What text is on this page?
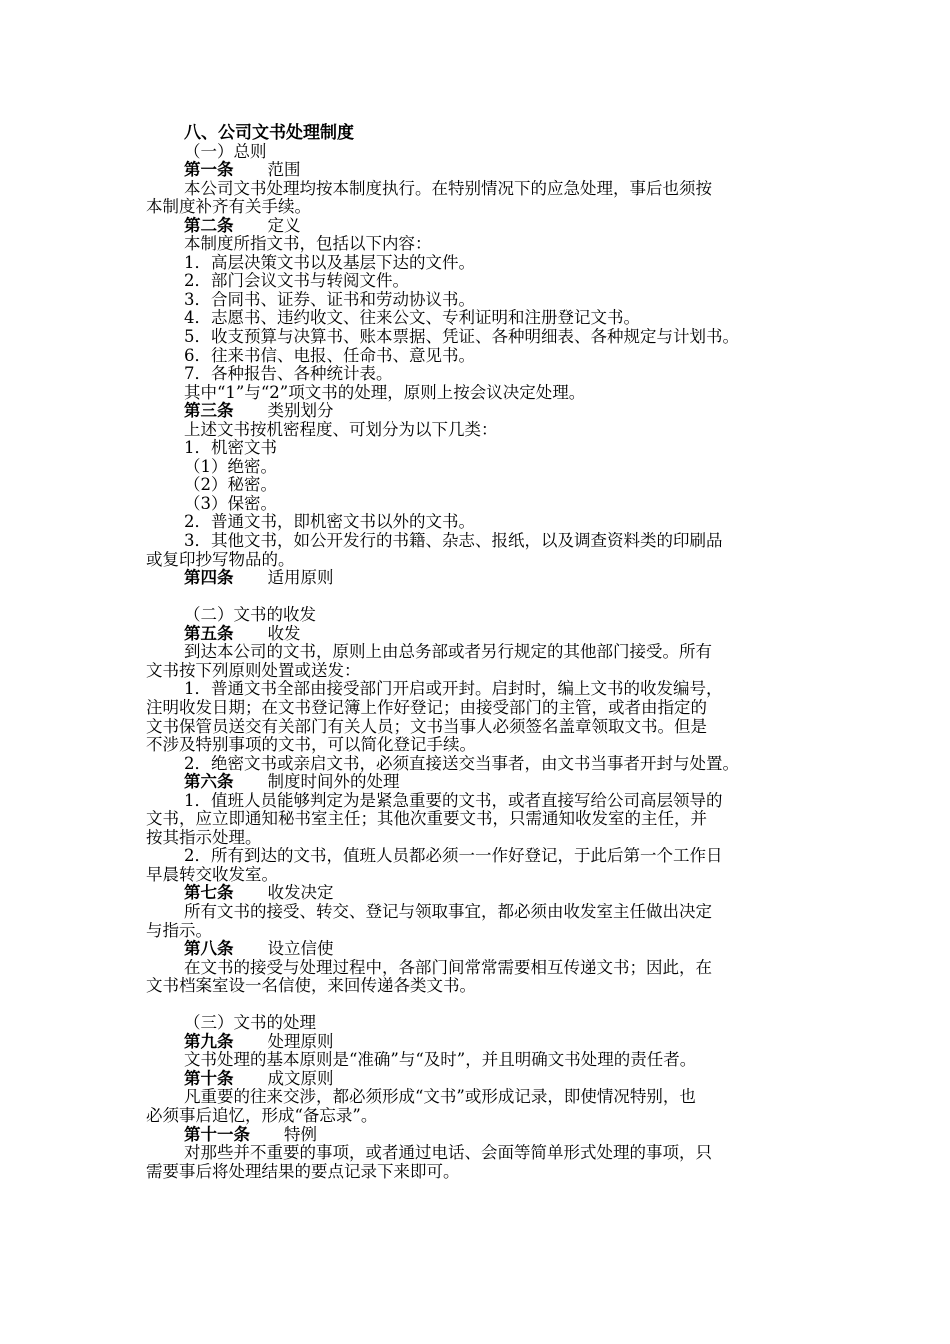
八、公司文书处理制度
（一）总则
第一条 范围
本公司文书处理均按本制度执行。在特别情况下的应急处理，事后也须按
本制度补齐有关手续。
第二条 定义
本制度所指文书，包括以下内容：
1．高层决策文书以及基层下达的文件。
2．部门会议文书与转阅文件。
3．合同书、证券、证书和劳动协议书。
4．志愿书、违约收文、往来公文、专利证明和注册登记文书。
5．收支预算与决算书、账本票据、凭证、各种明细表、各种规定与计划书。
6．往来书信、电报、任命书、意见书。
7．各种报告、各种统计表。
其中“1”与“2”项文书的处理，原则上按会议决定处理。
第三条 类别划分
上述文书按机密程度、可划分为以下几类：
1．机密文书
（1）绝密。
（2）秘密。
（3）保密。
2．普通文书，即机密文书以外的文书。
3．其他文书，如公开发行的书籍、杂志、报纸，以及调查资料类的印刷品
或复印抄写物品的。
第四条 适用原则
（二）文书的收发
第五条 收发
到达本公司的文书，原则上由总务部或者另行规定的其他部门接受。所有
文书按下列原则处置或送发：
1．普通文书全部由接受部门开启或开封。启封时，编上文书的收发编号，
注明收发日期；在文书登记簿上作好登记；由接受部门的主管，或者由指定的
文书保管员送交有关部门有关人员；文书当事人必须签名盖章领取文书。但是
不涉及特别事项的文书，可以简化登记手续。
2．绝密文书或亲启文书，必须直接送交当事者，由文书当事者开封与处置。
第六条 制度时间外的处理
1．值班人员能够判定为是紧急重要的文书，或者直接写给公司高层领导的
文书，应立即通知秘书室主任；其他次重要文书，只需通知收发室的主任，并
按其指示处理。
2．所有到达的文书，值班人员都必须一一作好登记，于此后第一个工作日
早晨转交收发室。
第七条 收发决定
所有文书的接受、转交、登记与领取事宜，都必须由收发室主任做出决定
与指示。
第八条 设立信使
在文书的接受与处理过程中，各部门间常常需要相互传递文书；因此，在
文书档案室设一名信使，来回传递各类文书。
（三）文书的处理
第九条 处理原则
文书处理的基本原则是“准确”与“及时”，并且明确文书处理的责任者。
第十条 成文原则
凡重要的往来交涉，都必须形成“文书”或形成记录，即使情况特别，也
必须事后追忆，形成“备忘录”。
第十一条 特例
对那些并不重要的事项，或者通过电话、会面等简单形式处理的事项，只
需要事后将处理结果的要点记录下来即可。
